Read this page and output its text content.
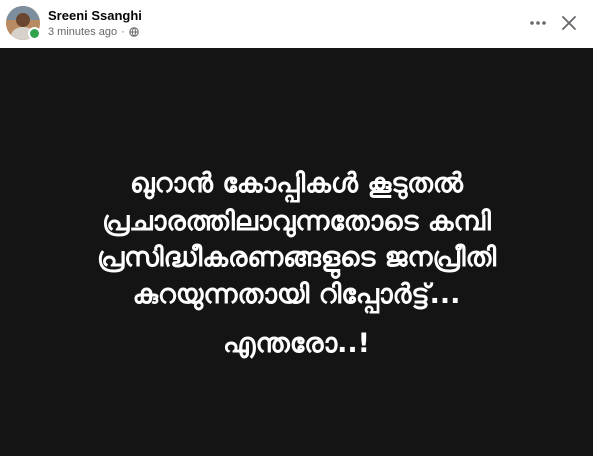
Sreeni Ssanghi
3 minutes ago ·
ഖുറാൻ കോപ്പികൾ കൂടുതൽ
പ്രചാരത്തിലാവുന്നതോടെ കമ്പി
പ്രസിദ്ധീകരണങ്ങളുടെ ജനപ്രീതി
കുറയുന്നതായി റിപ്പോർട്ട്...
എന്തരോ..!
